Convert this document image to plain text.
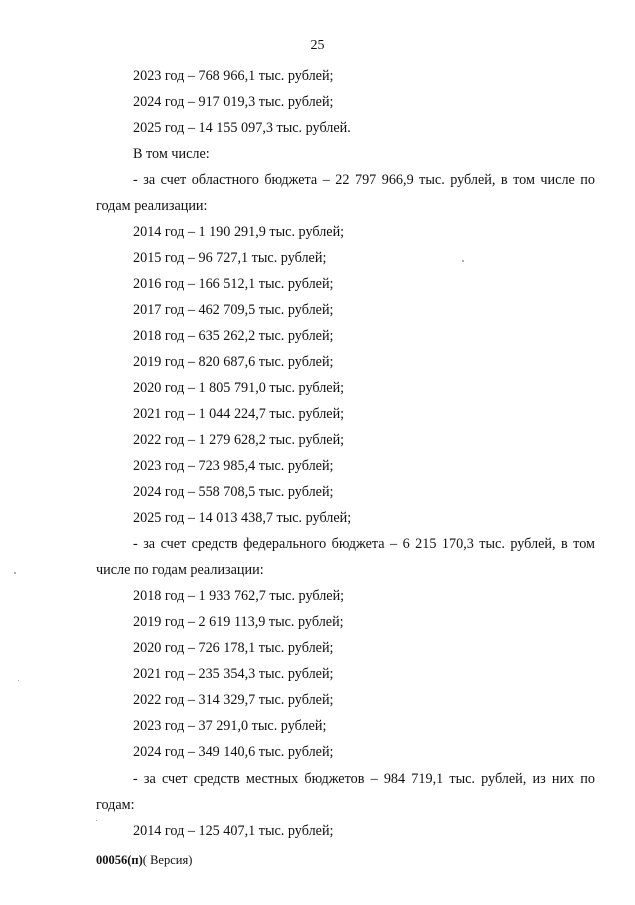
25
2023 год – 768 966,1 тыс. рублей;
2024 год – 917 019,3 тыс. рублей;
2025 год – 14 155 097,3 тыс. рублей.
В том числе:
- за счет областного бюджета – 22 797 966,9 тыс. рублей, в том числе по
годам реализации:
2014 год – 1 190 291,9 тыс. рублей;
2015 год – 96 727,1 тыс. рублей;
2016 год – 166 512,1 тыс. рублей;
2017 год – 462 709,5 тыс. рублей;
2018 год – 635 262,2 тыс. рублей;
2019 год – 820 687,6 тыс. рублей;
2020 год – 1 805 791,0 тыс. рублей;
2021 год – 1 044 224,7 тыс. рублей;
2022 год – 1 279 628,2 тыс. рублей;
2023 год – 723 985,4 тыс. рублей;
2024 год – 558 708,5 тыс. рублей;
2025 год – 14 013 438,7 тыс. рублей;
- за счет средств федерального бюджета – 6 215 170,3 тыс. рублей, в том
числе по годам реализации:
2018 год – 1 933 762,7 тыс. рублей;
2019 год – 2 619 113,9 тыс. рублей;
2020 год – 726 178,1 тыс. рублей;
2021 год – 235 354,3 тыс. рублей;
2022 год – 314 329,7 тыс. рублей;
2023 год – 37 291,0 тыс. рублей;
2024 год – 349 140,6 тыс. рублей;
- за счет средств местных бюджетов – 984 719,1 тыс. рублей, из них по
годам:
2014 год – 125 407,1 тыс. рублей;
00056(п)( Версия)
